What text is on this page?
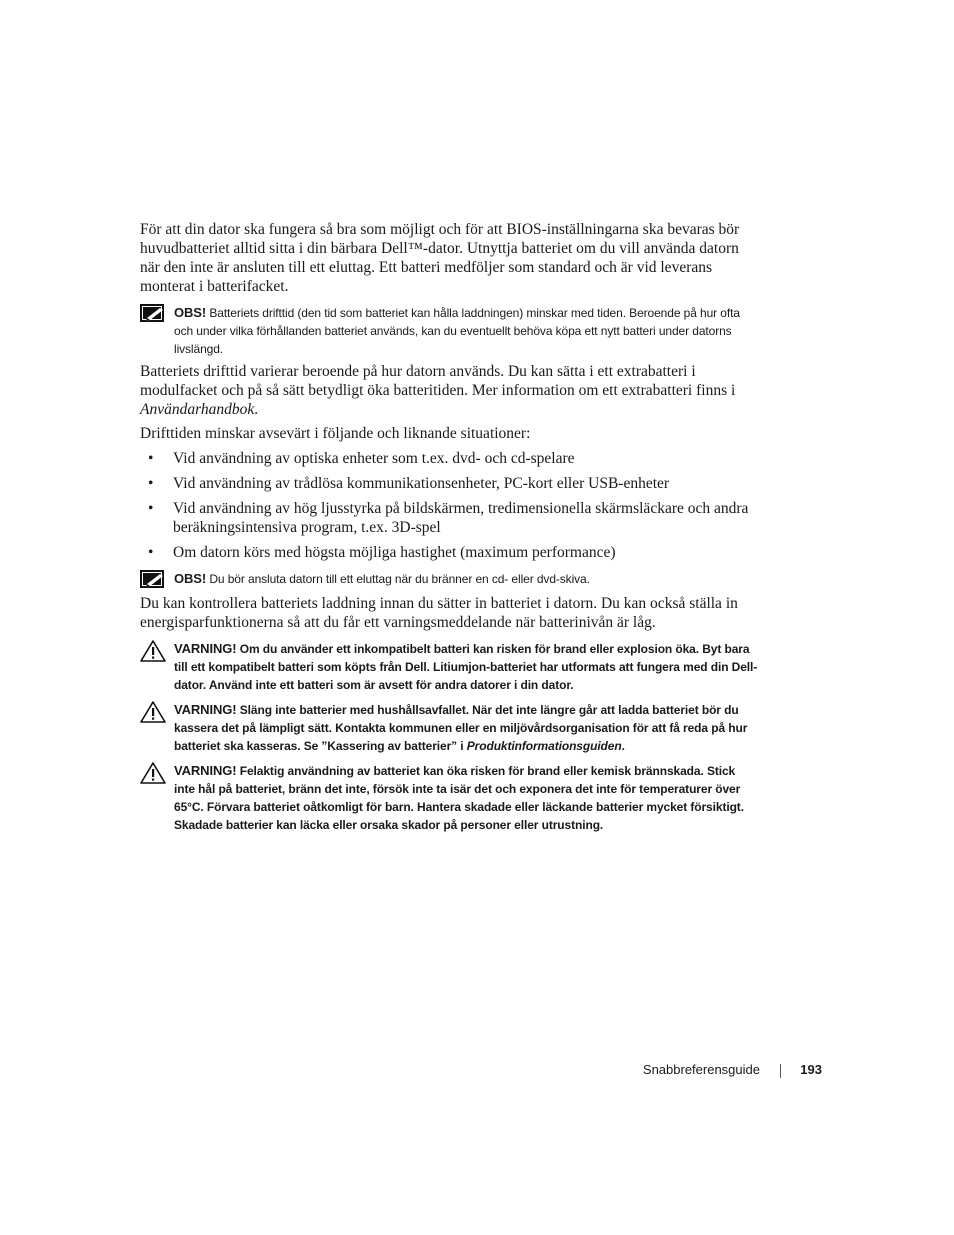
För att din dator ska fungera så bra som möjligt och för att BIOS-inställningarna ska bevaras bör huvudbatteriet alltid sitta i din bärbara Dell™-dator. Utnyttja batteriet om du vill använda datorn när den inte är ansluten till ett eluttag. Ett batteri medföljer som standard och är vid leverans monterat i batterifacket.

OBS! Batteriets drifttid (den tid som batteriet kan hålla laddningen) minskar med tiden. Beroende på hur ofta och under vilka förhållanden batteriet används, kan du eventuellt behöva köpa ett nytt batteri under datorns livslängd.

Batteriets drifttid varierar beroende på hur datorn används. Du kan sätta i ett extrabatteri i modulfacket och på så sätt betydligt öka batteritiden. Mer information om ett extrabatteri finns i Användarhandbok.

Drifttiden minskar avsevärt i följande och liknande situationer:

• Vid användning av optiska enheter som t.ex. dvd- och cd-spelare
• Vid användning av trådlösa kommunikationsenheter, PC-kort eller USB-enheter
• Vid användning av hög ljusstyrka på bildskärmen, tredimensionella skärmsläckare och andra beräkningsintensiva program, t.ex. 3D-spel
• Om datorn körs med högsta möjliga hastighet (maximum performance)
OBS! Du bör ansluta datorn till ett eluttag när du bränner en cd- eller dvd-skiva.

Du kan kontrollera batteriets laddning innan du sätter in batteriet i datorn. Du kan också ställa in energisparfunktionerna så att du får ett varningsmeddelande när batterinivån är låg.

VARNING! Om du använder ett inkompatibelt batteri kan risken för brand eller explosion öka. Byt bara till ett kompatibelt batteri som köpts från Dell. Litiumjon-batteriet har utformats att fungera med din Dell-dator. Använd inte ett batteri som är avsett för andra datorer i din dator.
VARNING! Släng inte batterier med hushållsavfallet. När det inte längre går att ladda batteriet bör du kassera det på lämpligt sätt. Kontakta kommunen eller en miljövårdsorganisation för att få reda på hur batteriet ska kasseras. Se ”Kassering av batterier” i Produktinformationsguiden.
VARNING! Felaktig användning av batteriet kan öka risken för brand eller kemisk brännskada. Stick inte hål på batteriet, bränn det inte, försök inte ta isär det och exponera det inte för temperaturer över 65°C. Förvara batteriet oåtkomligt för barn. Hantera skadade eller läckande batterier mycket försiktigt. Skadade batterier kan läcka eller orsaka skador på personer eller utrustning.
Snabbreferensguide	193
